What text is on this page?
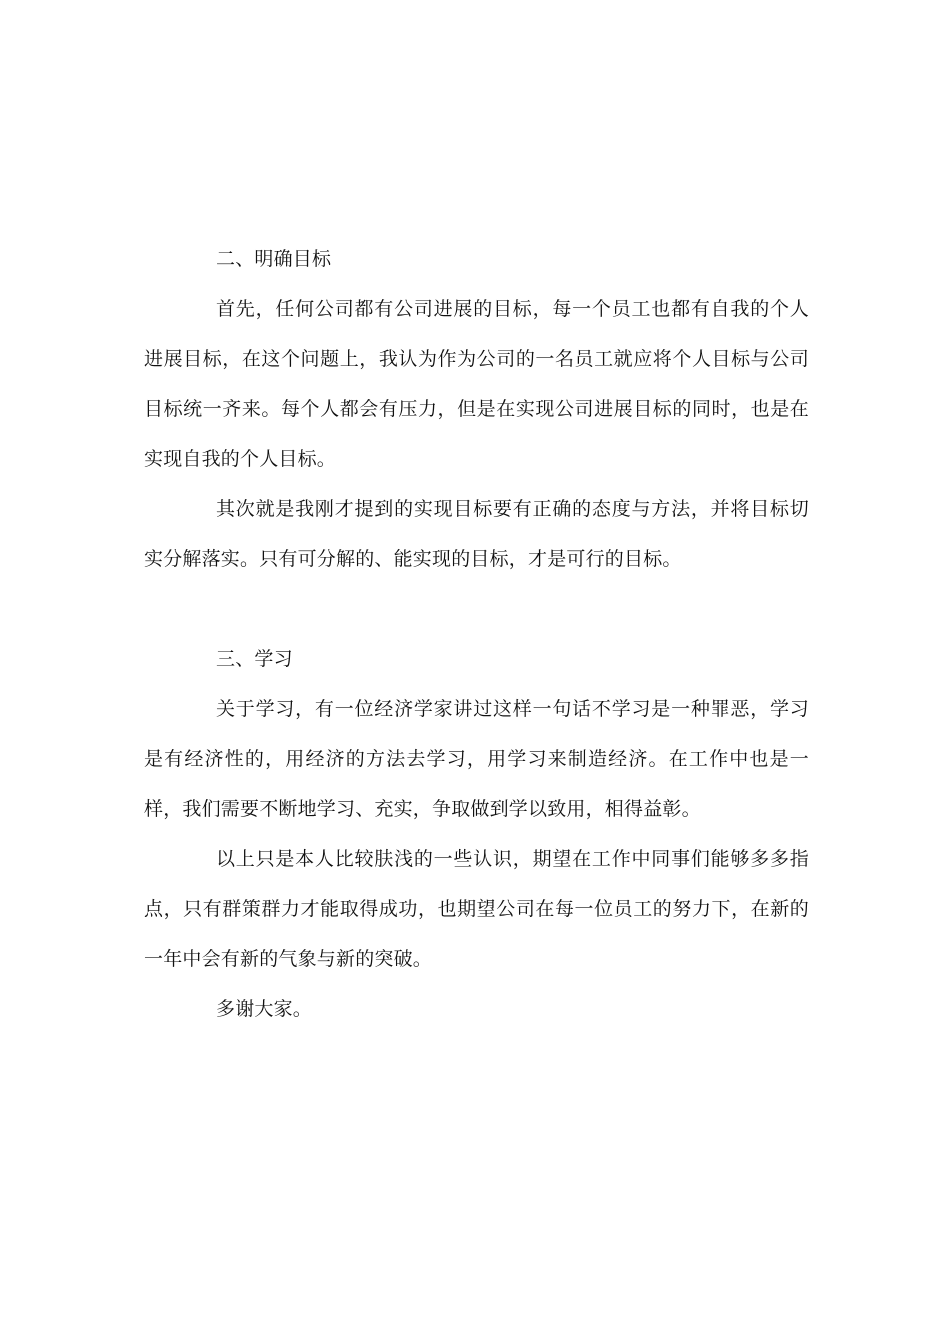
二、明确目标

首先，任何公司都有公司进展的目标，每一个员工也都有自我的个人进展目标，在这个问题上，我认为作为公司的一名员工就应将个人目标与公司目标统一齐来。每个人都会有压力，但是在实现公司进展目标的同时，也是在实现自我的个人目标。

其次就是我刚才提到的实现目标要有正确的态度与方法，并将目标切实分解落实。只有可分解的、能实现的目标，才是可行的目标。

三、学习

关于学习，有一位经济学家讲过这样一句话不学习是一种罪恶，学习是有经济性的，用经济的方法去学习，用学习来制造经济。在工作中也是一样，我们需要不断地学习、充实，争取做到学以致用，相得益彰。

以上只是本人比较肤浅的一些认识，期望在工作中同事们能够多多指点，只有群策群力才能取得成功，也期望公司在每一位员工的努力下，在新的一年中会有新的气象与新的突破。

多谢大家。
